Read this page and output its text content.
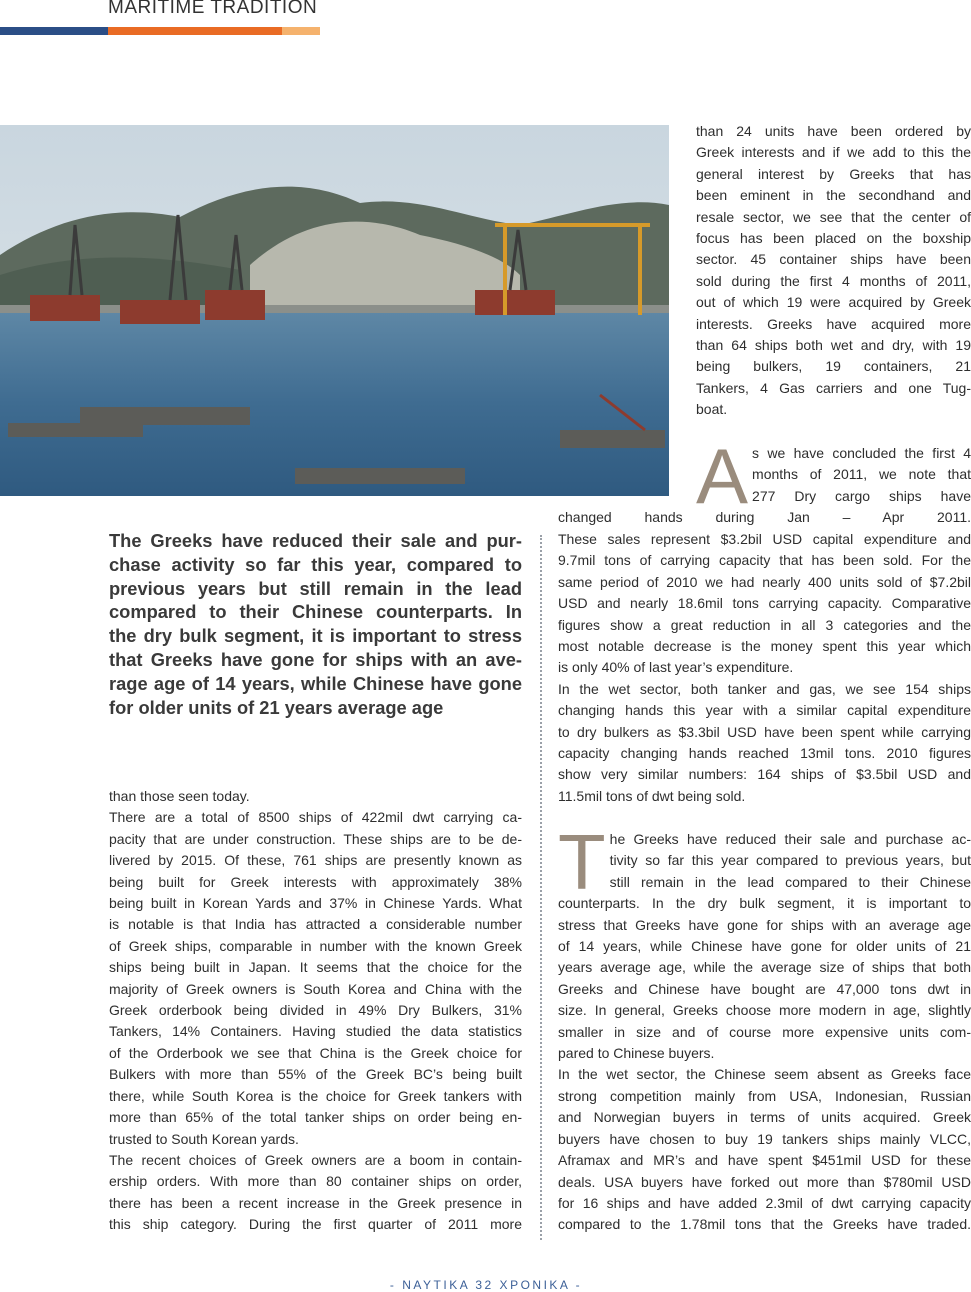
MARITIME TRADITION
The Greeks have reduced their sale and pur-
chase activity so far this year, compared to
previous years but still remain in the lead
compared to their Chinese counterparts. In
the dry bulk segment, it is important to stress
that Greeks have gone for ships with an ave-
rage age of 14 years, while Chinese have gone
for older units of 21 years average age
than those seen today.
There are a total of 8500 ships of 422mil dwt carrying ca-
pacity that are under construction. These ships are to be de-
livered by 2015. Of these, 761 ships are presently known as
being built for Greek interests with approximately 38%
being built in Korean Yards and 37% in Chinese Yards. What
is notable is that India has attracted a considerable number
of Greek ships, comparable in number with the known Greek
ships being built in Japan. It seems that the choice for the
majority of Greek owners is South Korea and China with the
Greek orderbook being divided in 49% Dry Bulkers, 31%
Tankers, 14% Containers. Having studied the data statistics
of the Orderbook we see that China is the Greek choice for
Bulkers with more than 55% of the Greek BC’s being built
there, while South Korea is the choice for Greek tankers with
more than 65% of the total tanker ships on order being en-
trusted to South Korean yards.
The recent choices of Greek owners are a boom in contain-
ership orders. With more than 80 container ships on order,
there has been a recent increase in the Greek presence in
this ship category. During the first quarter of 2011 more
than 24 units have been ordered by
Greek interests and if we add to this the
general interest by Greeks that has
been eminent in the secondhand and
resale sector, we see that the center of
focus has been placed on the boxship
sector. 45 container ships have been
sold during the first 4 months of 2011,
out of which 19 were acquired by Greek
interests. Greeks have acquired more
than 64 ships both wet and dry, with 19
being bulkers, 19 containers, 21
Tankers, 4 Gas carriers and one Tug-
boat.
A s we have concluded the first 4
months of 2011, we note that
277 Dry cargo ships have
changed hands during Jan – Apr 2011.
These sales represent $3.2bil USD capital expenditure and
9.7mil tons of carrying capacity that has been sold. For the
same period of 2010 we had nearly 400 units sold of $7.2bil
USD and nearly 18.6mil tons carrying capacity. Comparative
figures show a great reduction in all 3 categories and the
most notable decrease is the money spent this year which
is only 40% of last year’s expenditure.
In the wet sector, both tanker and gas, we see 154 ships
changing hands this year with a similar capital expenditure
to dry bulkers as $3.3bil USD have been spent while carrying
capacity changing hands reached 13mil tons. 2010 figures
show very similar numbers: 164 ships of $3.5bil USD and
11.5mil tons of dwt being sold.
T he Greeks have reduced their sale and purchase ac-
tivity so far this year compared to previous years, but
still remain in the lead compared to their Chinese
counterparts. In the dry bulk segment, it is important to
stress that Greeks have gone for ships with an average age
of 14 years, while Chinese have gone for older units of 21
years average age, while the average size of ships that both
Greeks and Chinese have bought are 47,000 tons dwt in
size. In general, Greeks choose more modern in age, slightly
smaller in size and of course more expensive units com-
pared to Chinese buyers.
In the wet sector, the Chinese seem absent as Greeks face
strong competition mainly from USA, Indonesian, Russian
and Norwegian buyers in terms of units acquired. Greek
buyers have chosen to buy 19 tankers ships mainly VLCC,
Aframax and MR’s and have spent $451mil USD for these
deals. USA buyers have forked out more than $780mil USD
for 16 ships and have added 2.3mil of dwt carrying capacity
compared to the 1.78mil tons that the Greeks have traded.
- ΝΑΥΤΙΚΑ 32 ΧΡΟΝΙΚΑ -
